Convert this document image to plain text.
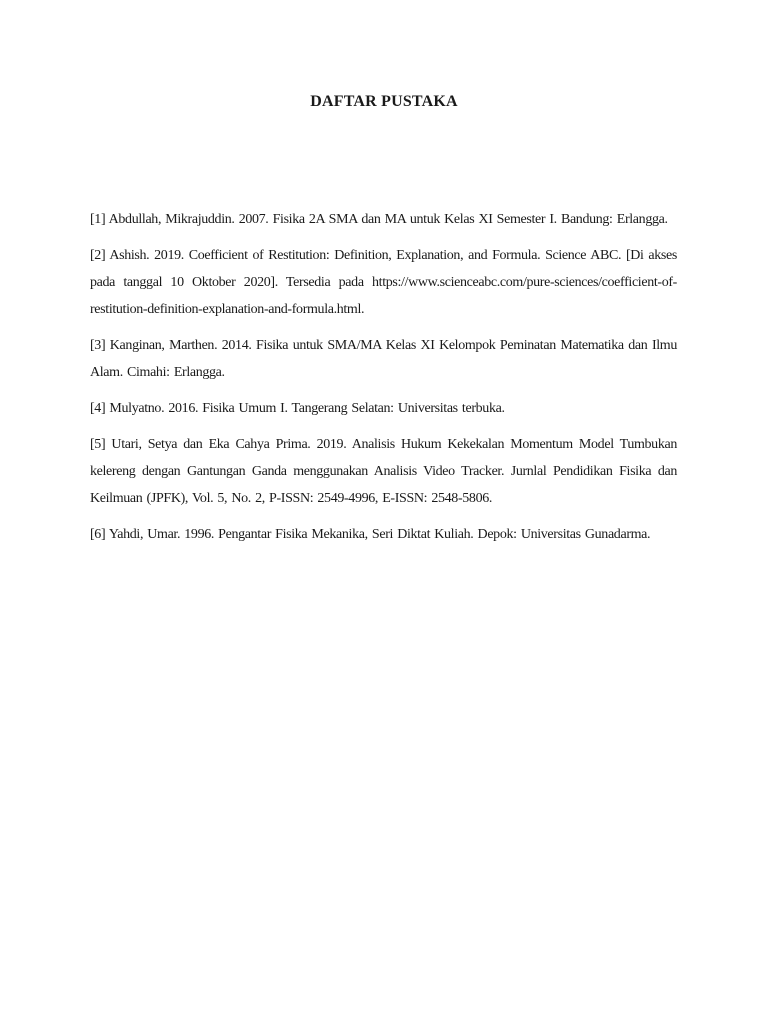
DAFTAR PUSTAKA

[1] Abdullah, Mikrajuddin. 2007. Fisika 2A SMA dan MA untuk Kelas XI Semester I. Bandung: Erlangga.

[2] Ashish. 2019. Coefficient of Restitution: Definition, Explanation, and Formula. Science ABC. [Di akses pada tanggal 10 Oktober 2020]. Tersedia pada https://www.scienceabc.com/pure-sciences/coefficient-of-restitution-definition-explanation-and-formula.html.

[3] Kanginan, Marthen. 2014. Fisika untuk SMA/MA Kelas XI Kelompok Peminatan Matematika dan Ilmu Alam. Cimahi: Erlangga.

[4] Mulyatno. 2016. Fisika Umum I. Tangerang Selatan: Universitas terbuka.

[5] Utari, Setya dan Eka Cahya Prima. 2019. Analisis Hukum Kekekalan Momentum Model Tumbukan kelereng dengan Gantungan Ganda menggunakan Analisis Video Tracker. Jurnlal Pendidikan Fisika dan Keilmuan (JPFK), Vol. 5, No. 2, P-ISSN: 2549-4996, E-ISSN: 2548-5806.

[6] Yahdi, Umar. 1996. Pengantar Fisika Mekanika, Seri Diktat Kuliah. Depok: Universitas Gunadarma.
